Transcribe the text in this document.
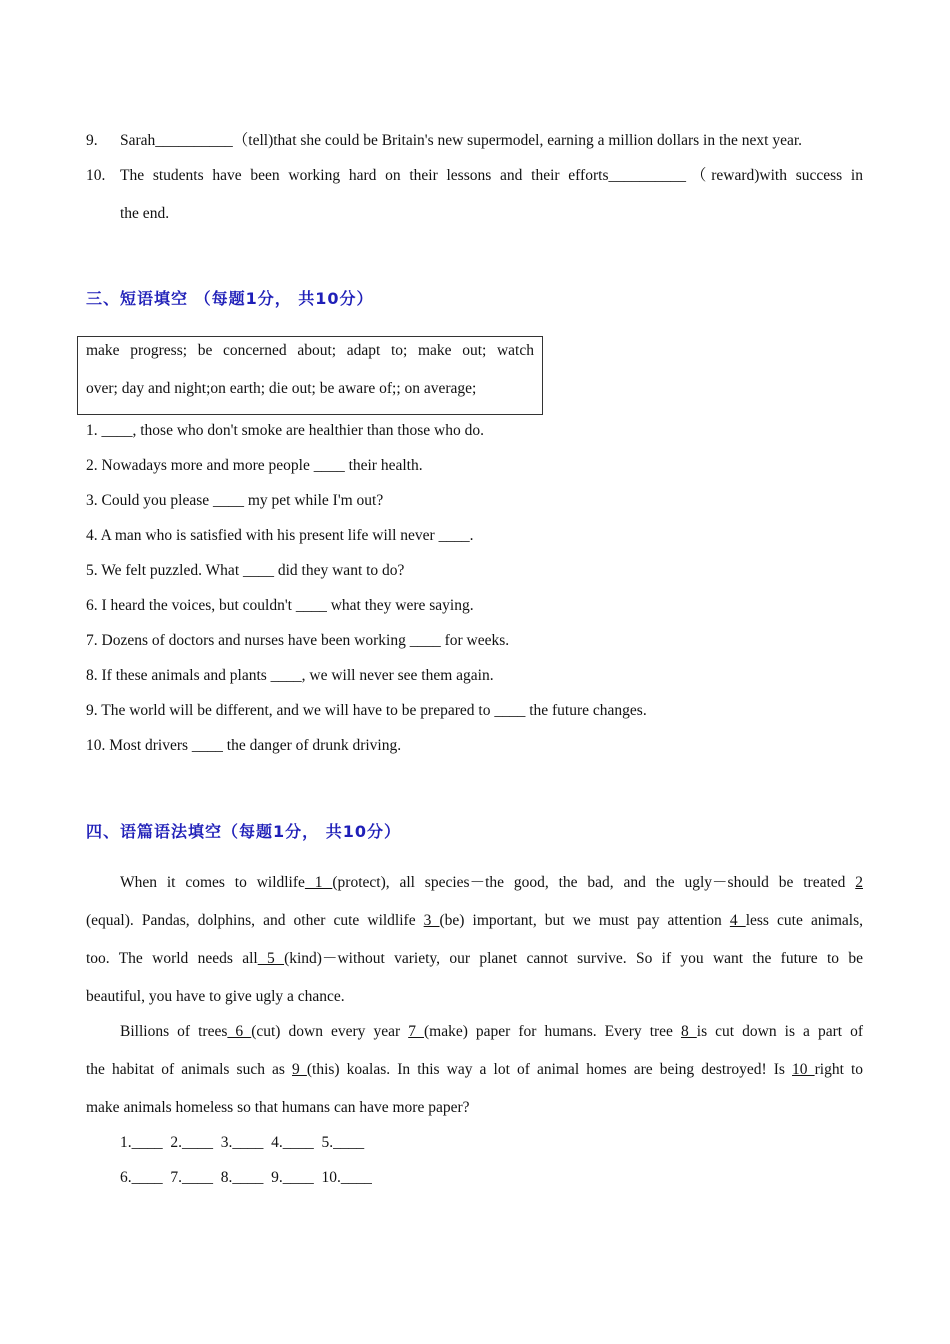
9. Sarah__________（tell)that she could be Britain's new supermodel, earning a million dollars in the next year.
10. The students have been working hard on their lessons and their efforts__________（reward)with success in
the end.
三、短语填空 （每题1分， 共10分）
make progress; be concerned about; adapt to; make out; watch
over; day and night;on earth; die out; be aware of;; on average;
1. ____, those who don't smoke are healthier than those who do.
2. Nowadays more and more people ____ their health.
3. Could you please ____ my pet while I'm out?
4. A man who is satisfied with his present life will never ____.
5. We felt puzzled. What ____ did they want to do?
6. I heard the voices, but couldn't ____ what they were saying.
7. Dozens of doctors and nurses have been working ____ for weeks.
8. If these animals and plants ____, we will never see them again.
9. The world will be different, and we will have to be prepared to ____ the future changes.
10. Most drivers ____ the danger of drunk driving.
四、语篇语法填空（每题1分， 共10分）
When it comes to wildlife 1 (protect), all species－the good, the bad, and the ugly－should be treated 2
(equal). Pandas, dolphins, and other cute wildlife 3 (be) important, but we must pay attention 4 less cute animals,
too. The world needs all 5 (kind)－without variety, our planet cannot survive. So if you want the future to be
beautiful, you have to give ugly a chance.
Billions of trees 6 (cut) down every year 7 (make) paper for humans. Every tree 8 is cut down is a part of
the habitat of animals such as 9 (this) koalas. In this way a lot of animal homes are being destroyed! Is 10 right to
make animals homeless so that humans can have more paper?
1.____  2.____  3.____  4.____  5.____
6.____  7.____  8.____  9.____  10.____
